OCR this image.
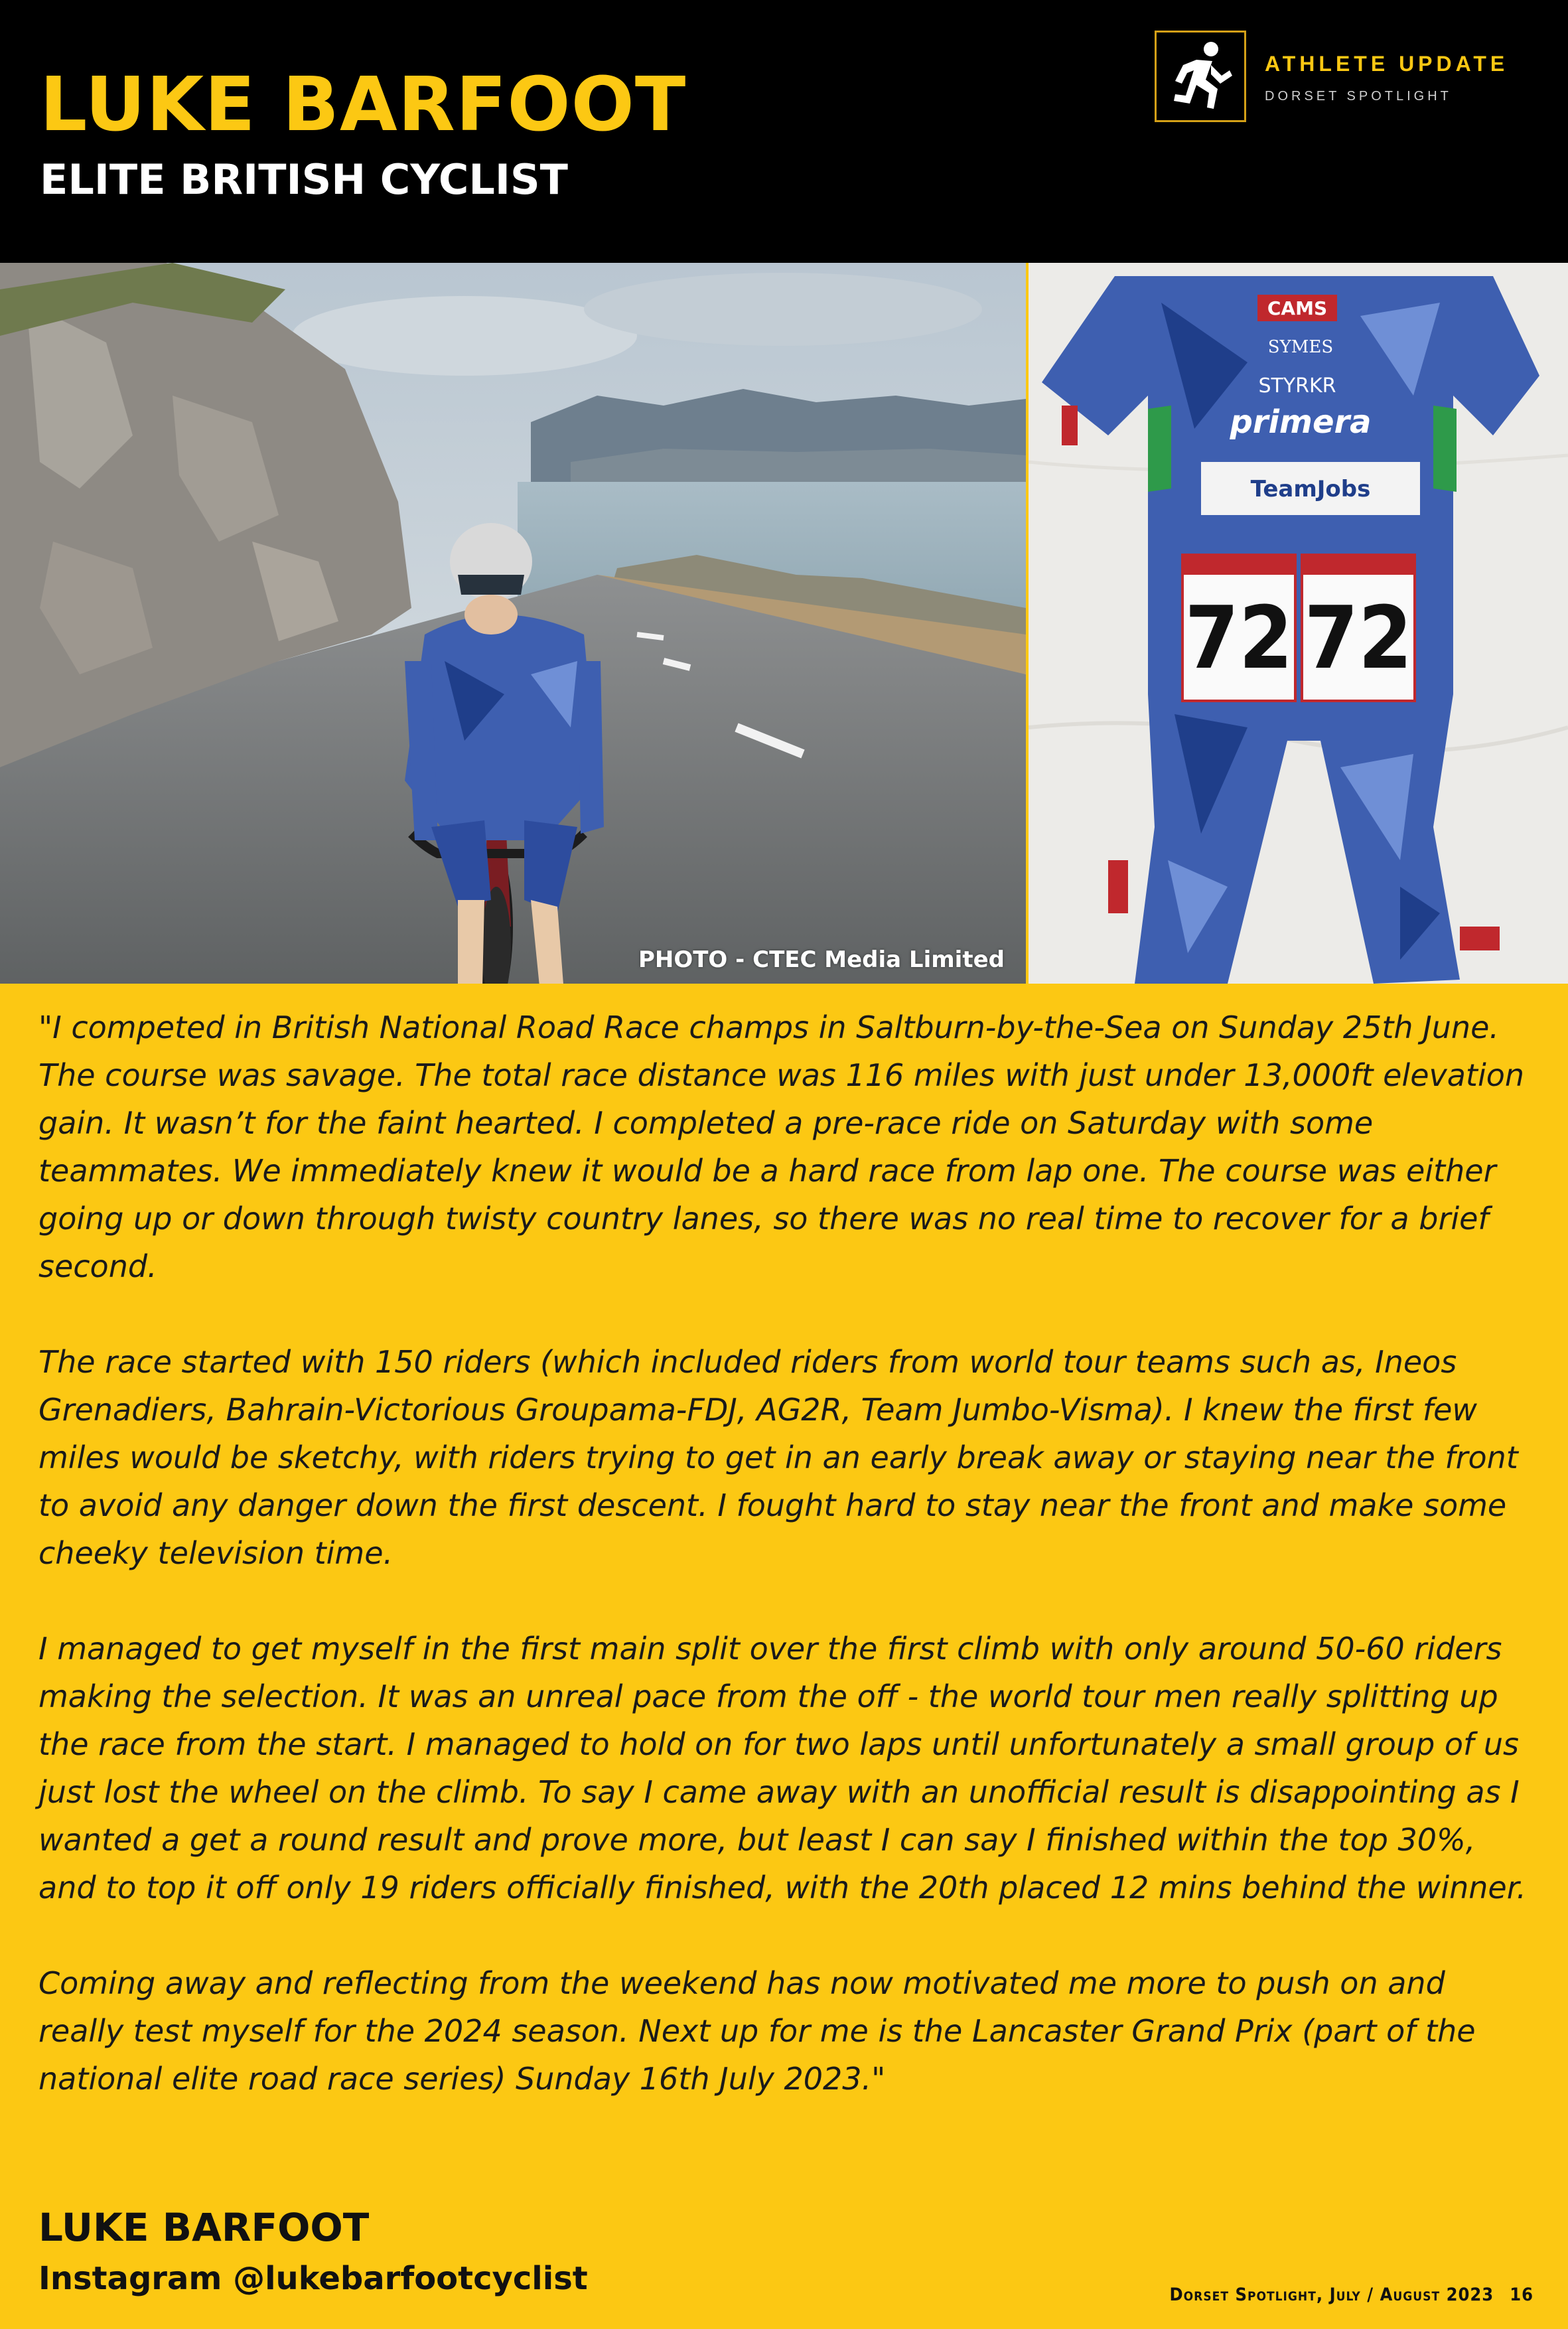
LUKE BARFOOT
ELITE BRITISH CYCLIST
ATHLETE UPDATE
DORSET SPOTLIGHT
PHOTO - CTEC Media Limited
TeamJobs
CAMS
SYMES
STYRKR
primera
72 72

"I competed in British National Road Race champs in Saltburn-by-the-Sea on Sunday 25th June. The course was savage. The total race distance was 116 miles with just under 13,000ft elevation gain. It wasn’t for the faint hearted. I completed a pre-race ride on Saturday with some teammates. We immediately knew it would be a hard race from lap one. The course was either going up or down through twisty country lanes, so there was no real time to recover for a brief second.

The race started with 150 riders (which included riders from world tour teams such as, Ineos Grenadiers, Bahrain-Victorious Groupama-FDJ, AG2R, Team Jumbo-Visma). I knew the first few miles would be sketchy, with riders trying to get in an early break away or staying near the front to avoid any danger down the first descent. I fought hard to stay near the front and make some cheeky television time.

I managed to get myself in the first main split over the first climb with only around 50-60 riders making the selection. It was an unreal pace from the off - the world tour men really splitting up the race from the start. I managed to hold on for two laps until unfortunately a small group of us just lost the wheel on the climb. To say I came away with an unofficial result is disappointing as I wanted a get a round result and prove more, but least I can say I finished within the top 30%, and to top it off only 19 riders officially finished, with the 20th placed 12 mins behind the winner.

Coming away and reflecting from the weekend has now motivated me more to push on and really test myself for the 2024 season. Next up for me is the Lancaster Grand Prix (part of the national elite road race series) Sunday 16th July 2023."

LUKE BARFOOT
Instagram @lukebarfootcyclist	Dorset Spotlight, July / August 2023 16
